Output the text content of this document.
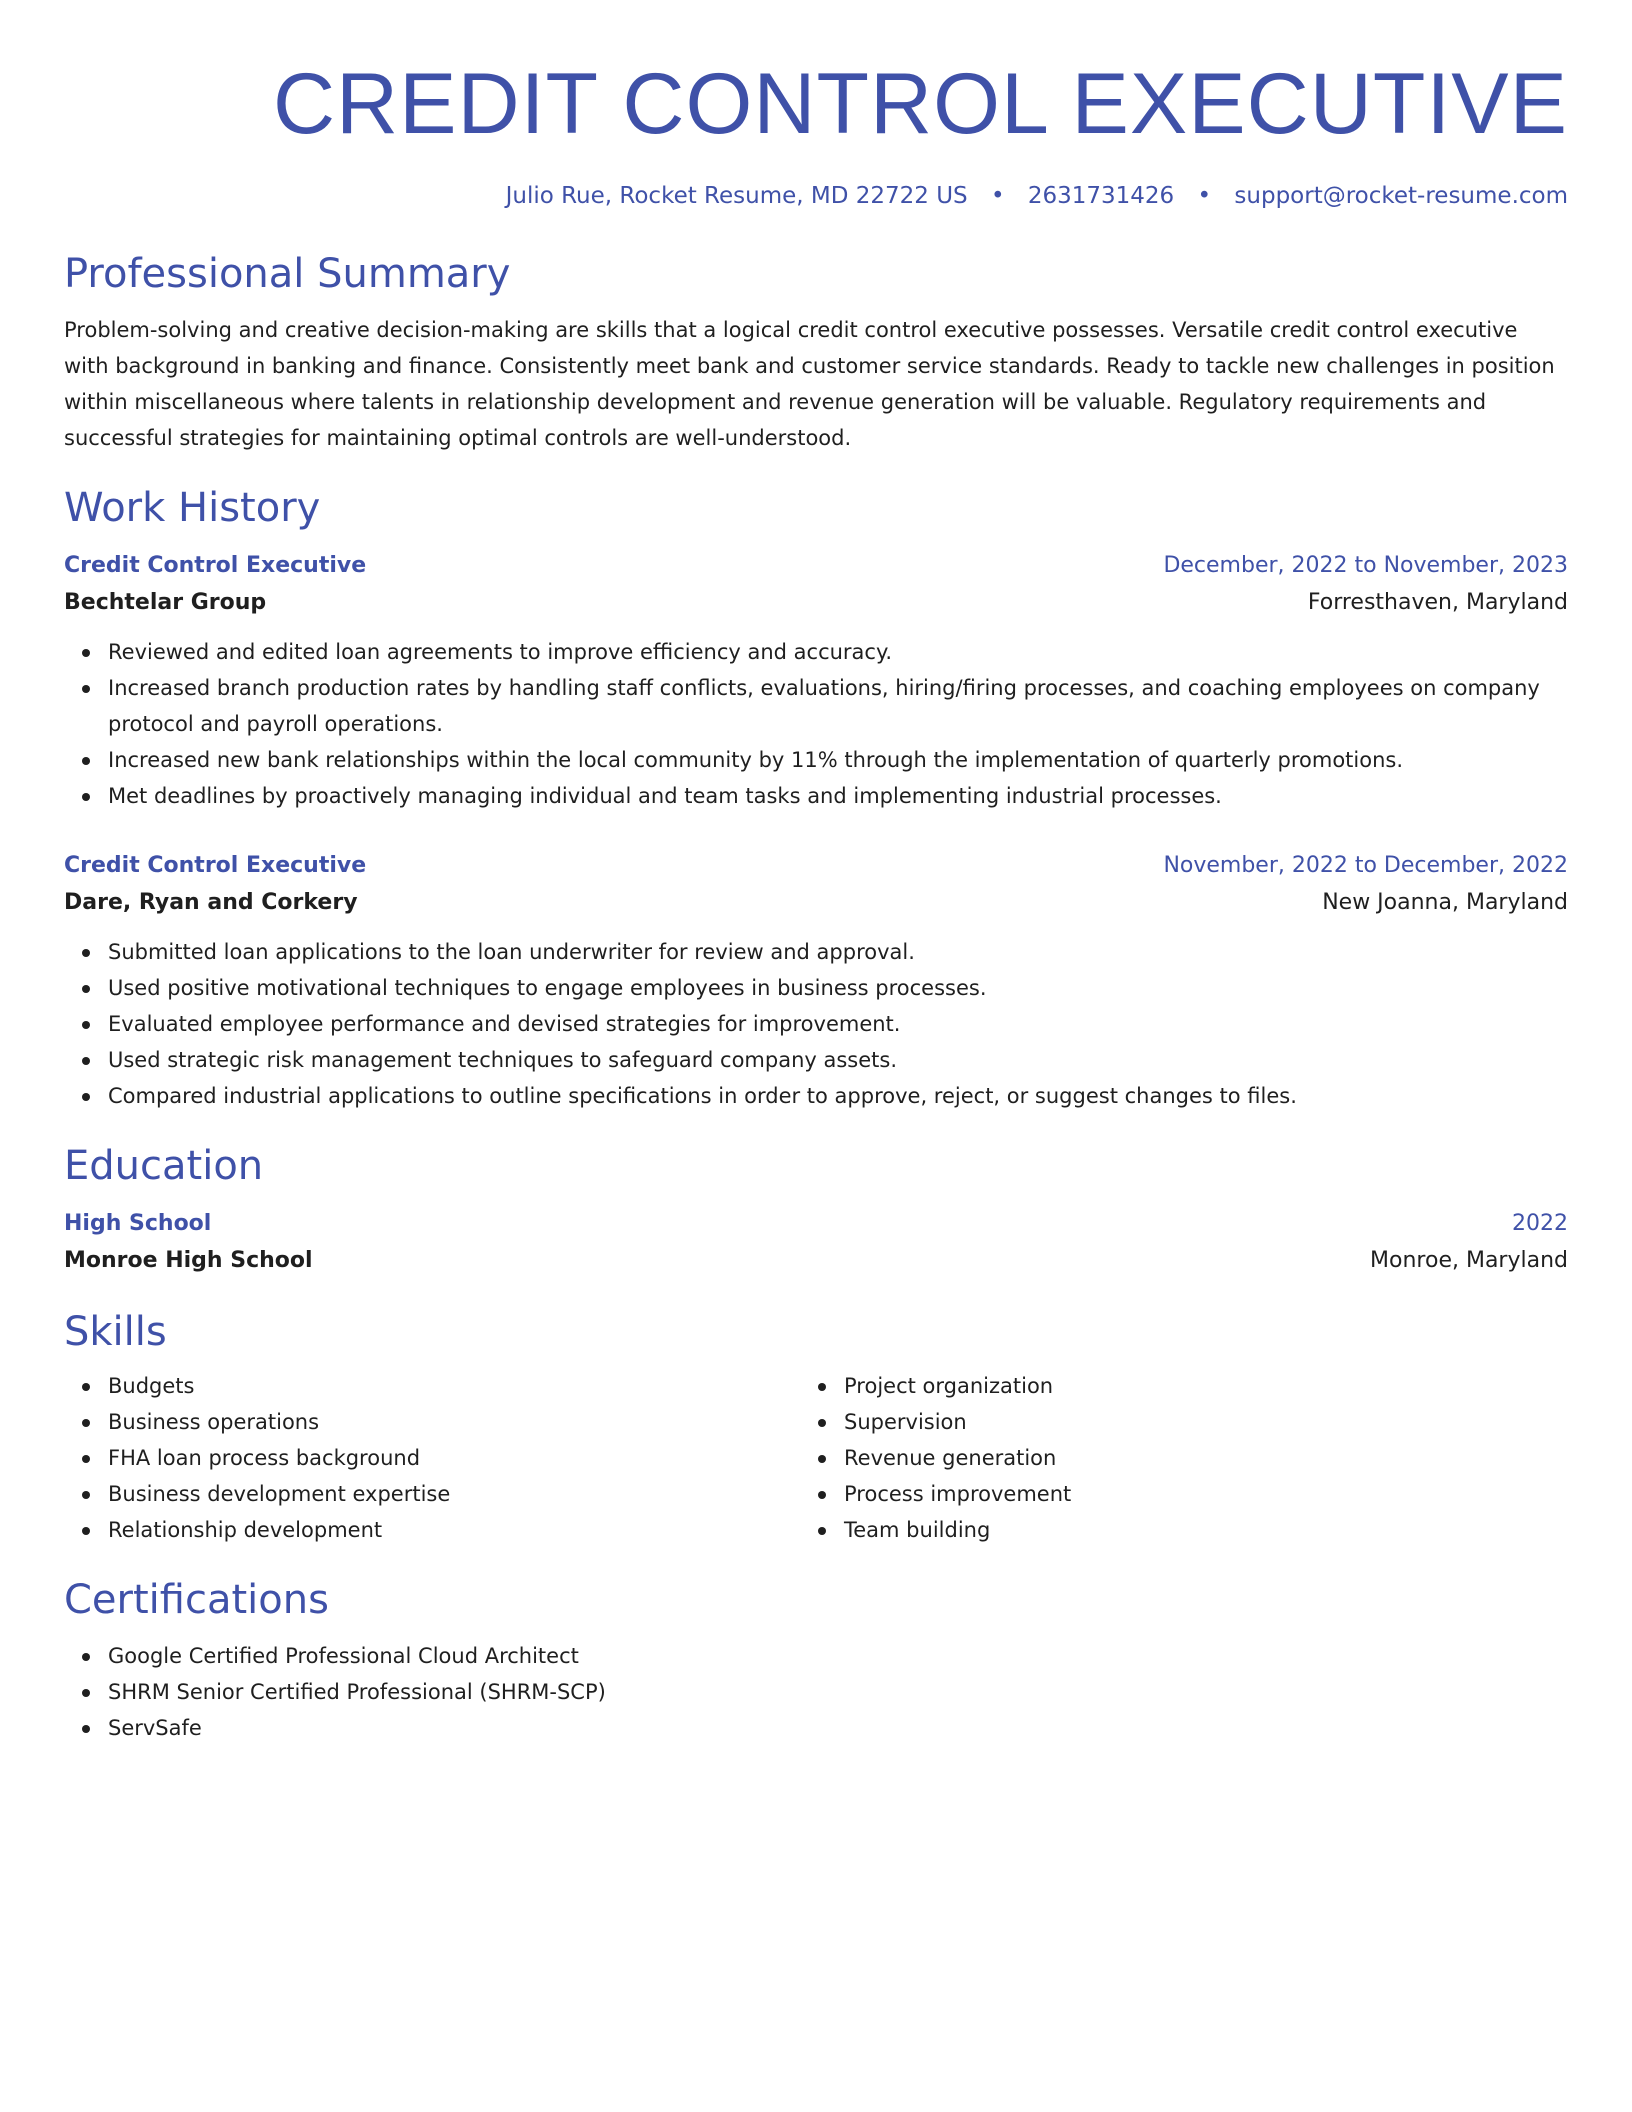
CREDIT CONTROL EXECUTIVE
Julio Rue, Rocket Resume, MD 22722 US • 2631731426 • support@rocket-resume.com
Professional Summary

Problem-solving and creative decision-making are skills that a logical credit control executive possesses. Versatile credit control executive with background in banking and finance. Consistently meet bank and customer service standards. Ready to tackle new challenges in position within miscellaneous where talents in relationship development and revenue generation will be valuable. Regulatory requirements and successful strategies for maintaining optimal controls are well-understood.

Work History
Credit Control Executive	December, 2022 to November, 2023
Bechtelar Group	Forresthaven, Maryland
Reviewed and edited loan agreements to improve efficiency and accuracy.
Increased branch production rates by handling staff conflicts, evaluations, hiring/firing processes, and coaching employees on company protocol and payroll operations.
Increased new bank relationships within the local community by 11% through the implementation of quarterly promotions.
Met deadlines by proactively managing individual and team tasks and implementing industrial processes.
Credit Control Executive	November, 2022 to December, 2022
Dare, Ryan and Corkery	New Joanna, Maryland
Submitted loan applications to the loan underwriter for review and approval.
Used positive motivational techniques to engage employees in business processes.
Evaluated employee performance and devised strategies for improvement.
Used strategic risk management techniques to safeguard company assets.
Compared industrial applications to outline specifications in order to approve, reject, or suggest changes to files.
Education
High School	2022
Monroe High School	Monroe, Maryland
Skills
Budgets
Business operations
FHA loan process background
Business development expertise
Relationship development
Project organization
Supervision
Revenue generation
Process improvement
Team building
Certifications
Google Certified Professional Cloud Architect
SHRM Senior Certified Professional (SHRM-SCP)
ServSafe
